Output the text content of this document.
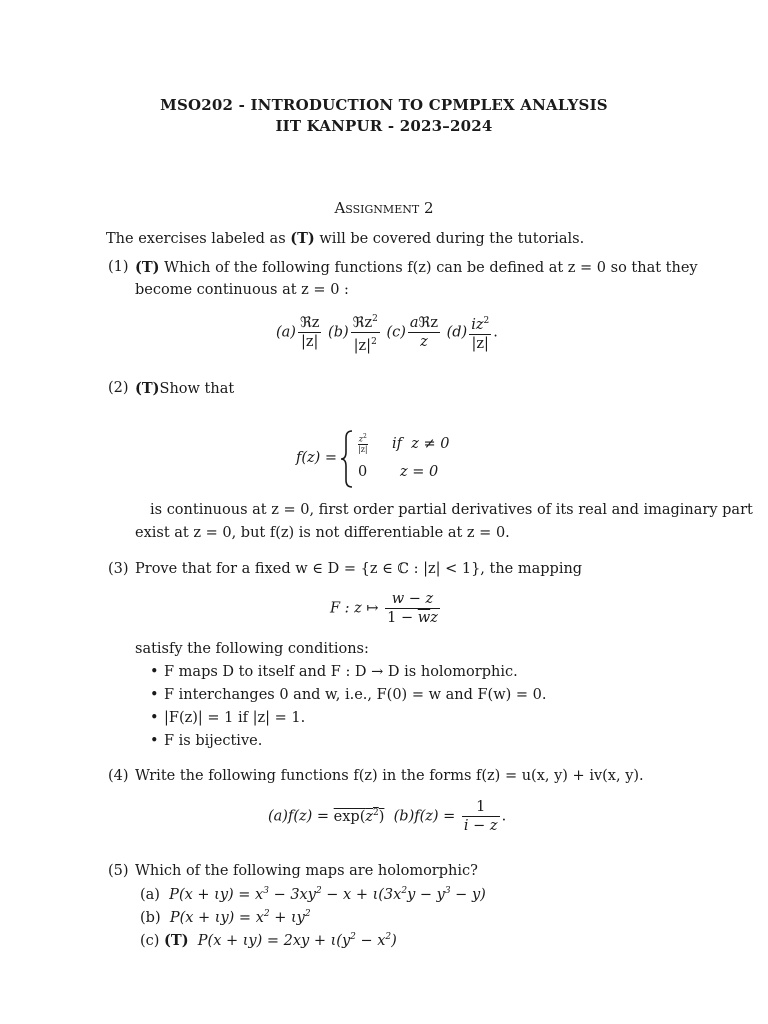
MSO202 - INTRODUCTION TO CPMPLEX ANALYSIS
IIT KANPUR - 2023–2024
Assignment 2
The exercises labeled as (T) will be covered during the tutorials.
(1) (T) Which of the following functions f(z) can be defined at z = 0 so that they
become continuous at z = 0 :
$(a) \frac{\text{ℜz}}{|z|} (b) \frac{ℜz^2}{|z|^2} (c) \frac{\text{aℜz}}{z} (d) \frac{iz^2}{|z|}$ .
(2) (T)Show that
f(z) =
$\frac{z^2}{|z|}$ if  z ≠ 0
0 z = 0
is continuous at z = 0, first order partial derivatives of its real and imaginary part
exist at z = 0, but f(z) is not differentiable at z = 0.
(3) Prove that for a fixed w ∈ D = {z ∈ ℂ : |z| < 1}, the mapping
F : z ↦ $\frac{w - z}{1 - \overline{w}z}$
satisfy the following conditions:
• F maps D to itself and F : D → D is holomorphic.
• F interchanges 0 and w, i.e., F(0) = w and F(w) = 0.
• |F(z)| = 1 if |z| = 1.
• F is bijective.
(4) Write the following functions f(z) in the forms f(z) = u(x, y) + iv(x, y).
$(a)f(z) = \exp(z^2) (b)f(z) = \frac{1}{i - z}$ .
(5) Which of the following maps are holomorphic?
(a)  $P(x + \iota y) = x^3 - 3xy^2 - x + \iota(3x^2y - y^3 - y)$
(b)  $P(x + \iota y) = x^2 + \iota y^2$
(c) (T)  $P(x + \iota y) = 2xy + \iota(y^2 - x^2)$
